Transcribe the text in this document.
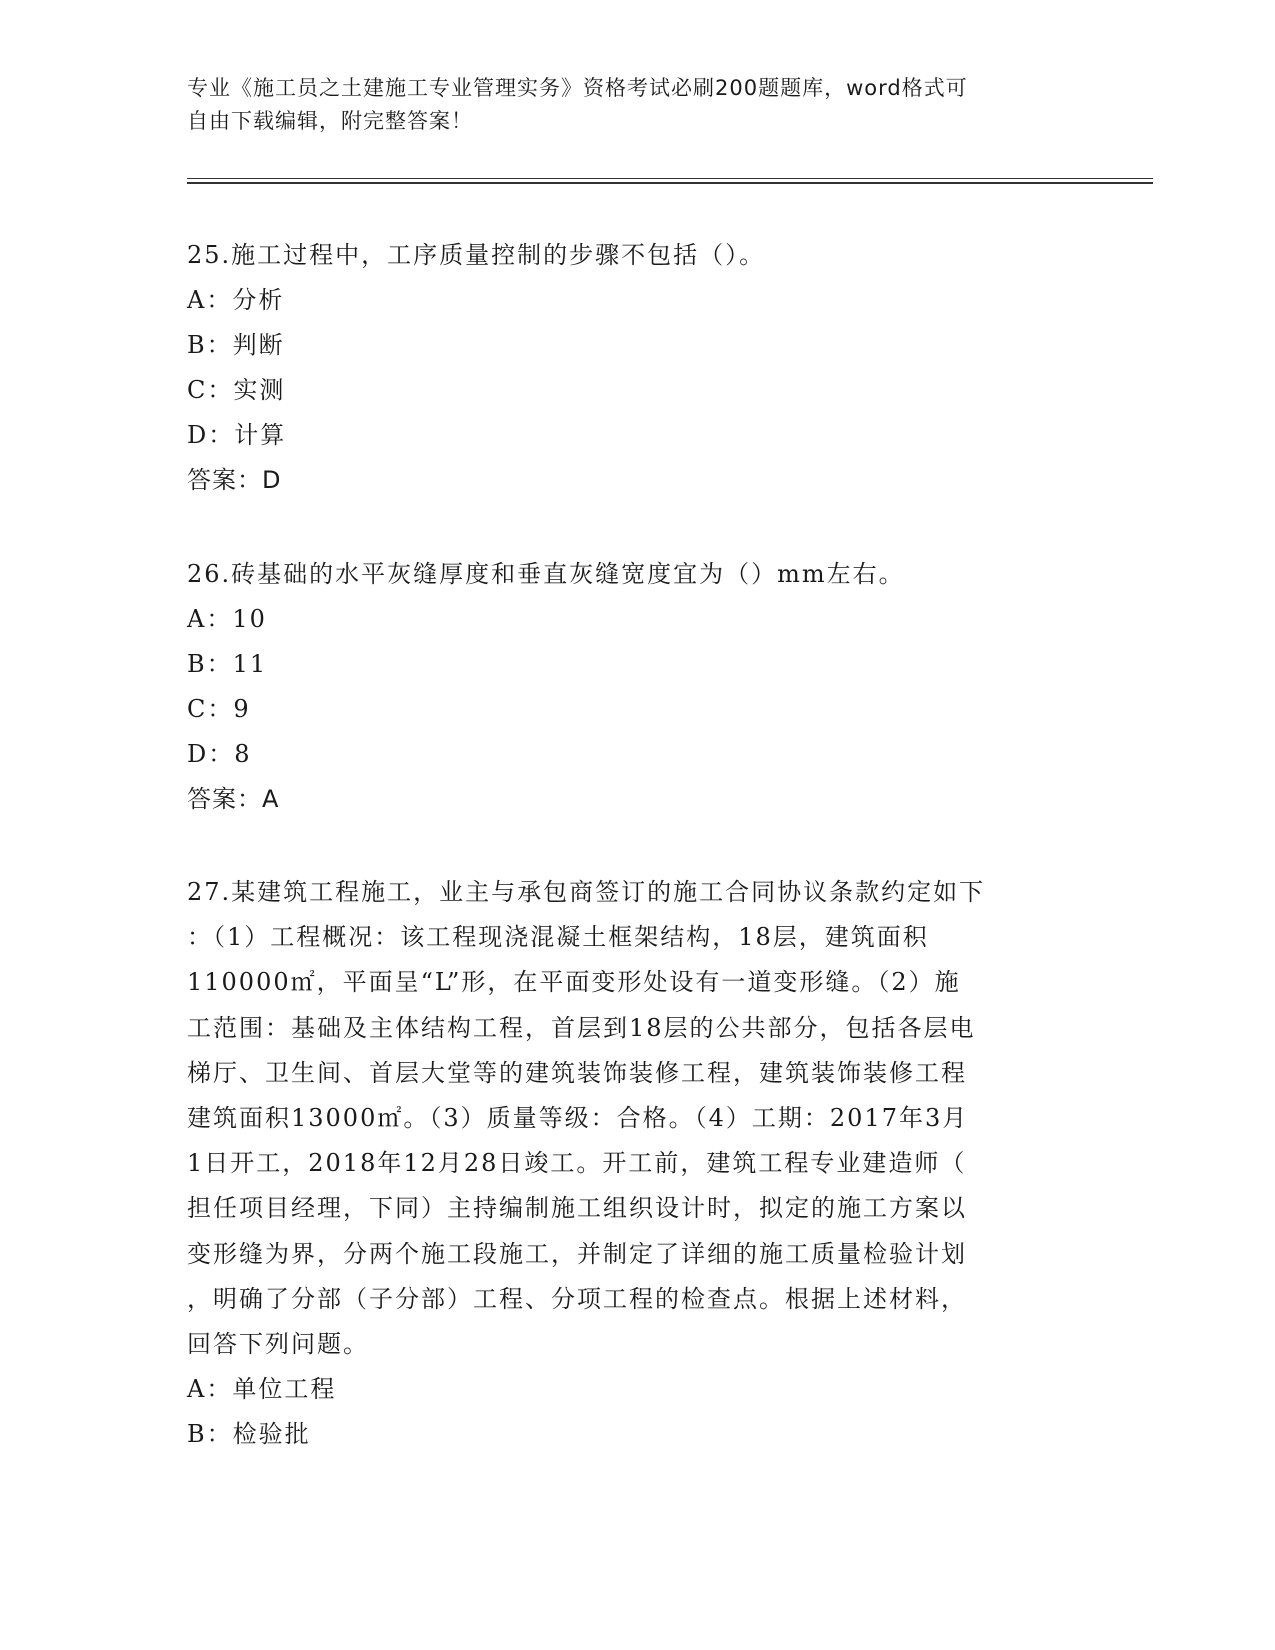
专业《施工员之土建施工专业管理实务》资格考试必刷200题题库，word格式可
自由下载编辑，附完整答案！
25.施工过程中，工序质量控制的步骤不包括（）。
A：分析
B：判断
C：实测
D：计算
答案：D
26.砖基础的水平灰缝厚度和垂直灰缝宽度宜为（）mm左右。
A：10
B：11
C：9
D：8
答案：A
27.某建筑工程施工，业主与承包商签订的施工合同协议条款约定如下
：（1）工程概况：该工程现浇混凝土框架结构，18层，建筑面积
110000㎡，平面呈“L”形，在平面变形处设有一道变形缝。（2）施
工范围：基础及主体结构工程，首层到18层的公共部分，包括各层电
梯厅、卫生间、首层大堂等的建筑装饰装修工程，建筑装饰装修工程
建筑面积13000㎡。（3）质量等级：合格。（4）工期：2017年3月
1日开工，2018年12月28日竣工。开工前，建筑工程专业建造师（
担任项目经理，下同）主持编制施工组织设计时，拟定的施工方案以
变形缝为界，分两个施工段施工，并制定了详细的施工质量检验计划
，明确了分部（子分部）工程、分项工程的检查点。根据上述材料，
回答下列问题。
A：单位工程
B：检验批
